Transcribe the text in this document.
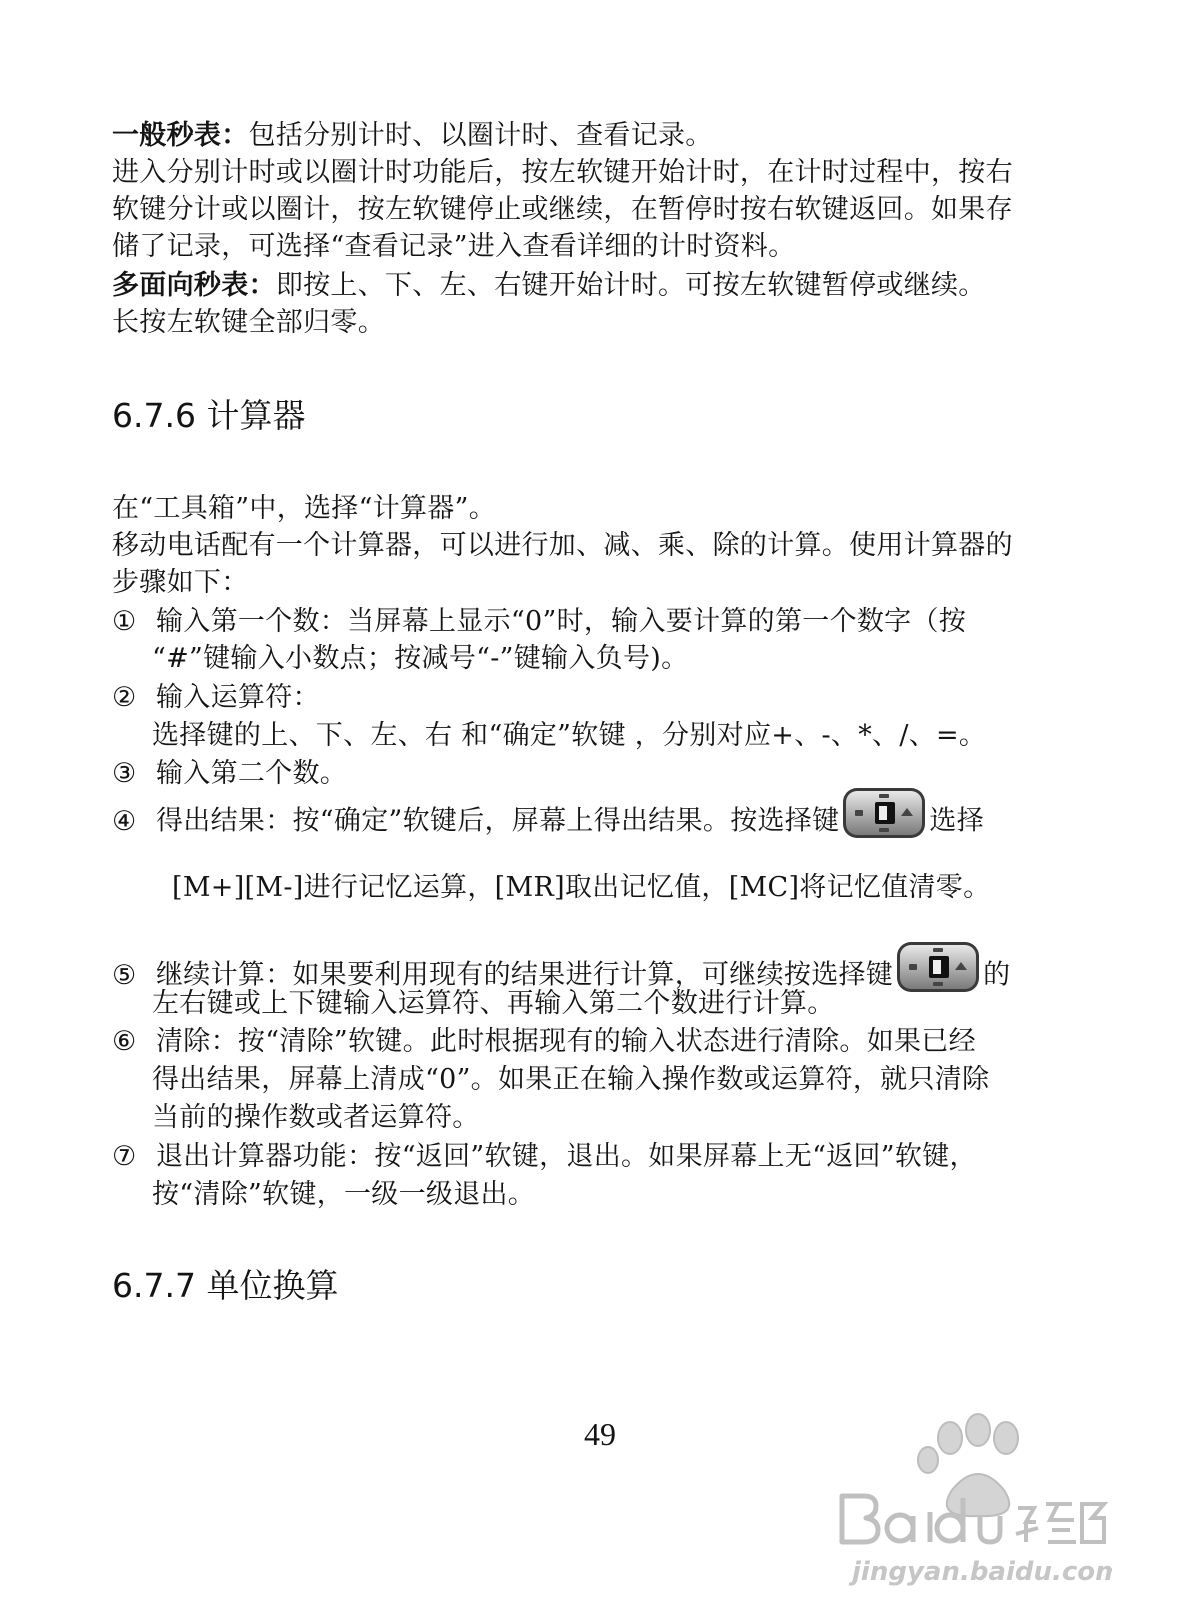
一般秒表：包括分别计时、以圈计时、查看记录。
进入分别计时或以圈计时功能后，按左软键开始计时，在计时过程中，按右
软键分计或以圈计，按左软键停止或继续，在暂停时按右软键返回。如果存
储了记录，可选择“查看记录”进入查看详细的计时资料。
多面向秒表：即按上、下、左、右键开始计时。可按左软键暂停或继续。
长按左软键全部归零。
6.7.6 计算器
在“工具箱”中，选择“计算器”。
移动电话配有一个计算器，可以进行加、减、乘、除的计算。使用计算器的
步骤如下：
① 输入第一个数：当屏幕上显示“0”时，输入要计算的第一个数字（按
“#”键输入小数点；按减号“-”键输入负号)。
② 输入运算符：
选择键的上、下、左、右 和“确定”软键 ，分别对应+、-、*、/、=。
③ 输入第二个数。
④ 得出结果：按“确定”软键后，屏幕上得出结果。按选择键	选择
[M+][M-]进行记忆运算，[MR]取出记忆值，[MC]将记忆值清零。
⑤ 继续计算：如果要利用现有的结果进行计算，可继续按选择键	的
左右键或上下键输入运算符、再输入第二个数进行计算。
⑥ 清除：按“清除”软键。此时根据现有的输入状态进行清除。如果已经
得出结果，屏幕上清成“0”。如果正在输入操作数或运算符，就只清除
当前的操作数或者运算符。
⑦ 退出计算器功能：按“返回”软键，退出。如果屏幕上无“返回”软键，
按“清除”软键，一级一级退出。
6.7.7 单位换算
49
jingyan.baidu.com
